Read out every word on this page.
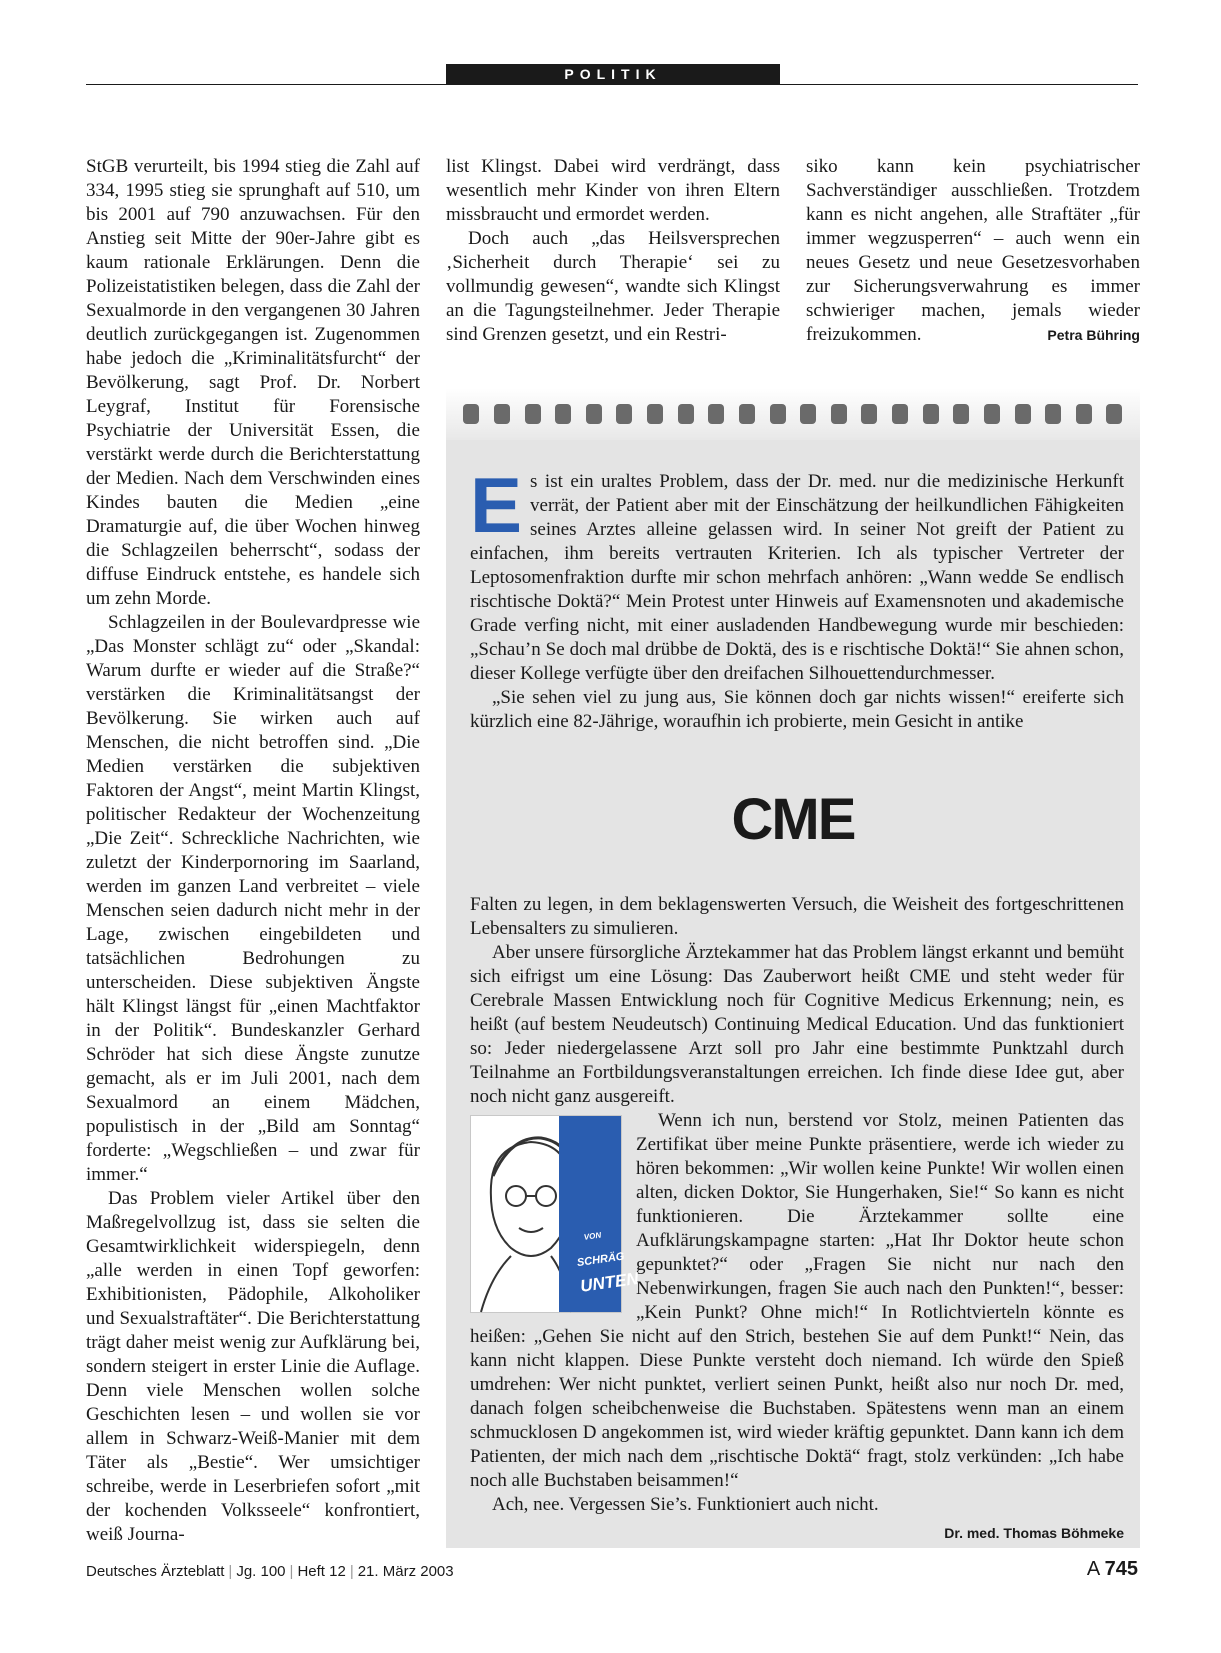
POLITIK

StGB verurteilt, bis 1994 stieg die Zahl auf 334, 1995 stieg sie sprunghaft auf 510, um bis 2001 auf 790 anzuwachsen. Für den Anstieg seit Mitte der 90er-Jahre gibt es kaum rationale Erklärungen. Denn die Polizeistatistiken belegen, dass die Zahl der Sexualmorde in den vergangenen 30 Jahren deutlich zurückgegangen ist. Zugenommen habe jedoch die „Kriminalitätsfurcht“ der Bevölkerung, sagt Prof. Dr. Norbert Leygraf, Institut für Forensische Psychiatrie der Universität Essen, die verstärkt werde durch die Berichterstattung der Medien. Nach dem Verschwinden eines Kindes bauten die Medien „eine Dramaturgie auf, die über Wochen hinweg die Schlagzeilen beherrscht“, sodass der diffuse Eindruck entstehe, es handele sich um zehn Morde.

Schlagzeilen in der Boulevardpresse wie „Das Monster schlägt zu“ oder „Skandal: Warum durfte er wieder auf die Straße?“ verstärken die Kriminalitätsangst der Bevölkerung. Sie wirken auch auf Menschen, die nicht betroffen sind. „Die Medien verstärken die subjektiven Faktoren der Angst“, meint Martin Klingst, politischer Redakteur der Wochenzeitung „Die Zeit“. Schreckliche Nachrichten, wie zuletzt der Kinderpornoring im Saarland, werden im ganzen Land verbreitet – viele Menschen seien dadurch nicht mehr in der Lage, zwischen eingebildeten und tatsächlichen Bedrohungen zu unterscheiden. Diese subjektiven Ängste hält Klingst längst für „einen Machtfaktor in der Politik“. Bundeskanzler Gerhard Schröder hat sich diese Ängste zunutze gemacht, als er im Juli 2001, nach dem Sexualmord an einem Mädchen, populistisch in der „Bild am Sonntag“ forderte: „Wegschließen – und zwar für immer.“

Das Problem vieler Artikel über den Maßregelvollzug ist, dass sie selten die Gesamtwirklichkeit widerspiegeln, denn „alle werden in einen Topf geworfen: Exhibitionisten, Pädophile, Alkoholiker und Sexualstraftäter“. Die Berichterstattung trägt daher meist wenig zur Aufklärung bei, sondern steigert in erster Linie die Auflage. Denn viele Menschen wollen solche Geschichten lesen – und wollen sie vor allem in Schwarz-Weiß-Manier mit dem Täter als „Bestie“. Wer umsichtiger schreibe, werde in Leserbriefen sofort „mit der kochenden Volksseele“ konfrontiert, weiß Journa-

list Klingst. Dabei wird verdrängt, dass wesentlich mehr Kinder von ihren Eltern missbraucht und ermordet werden.

Doch auch „das Heilsversprechen ‚Sicherheit durch Therapie‘ sei zu vollmundig gewesen“, wandte sich Klingst an die Tagungsteilnehmer. Jeder Therapie sind Grenzen gesetzt, und ein Restri-

siko kann kein psychiatrischer Sachverständiger ausschließen. Trotzdem kann es nicht angehen, alle Straftäter „für immer wegzusperren“ – auch wenn ein neues Gesetz und neue Gesetzesvorhaben zur Sicherungsverwahrung es immer schwieriger machen, jemals wieder freizukommen.	Petra Bühring

Es ist ein uraltes Problem, dass der Dr. med. nur die medizinische Herkunft verrät, der Patient aber mit der Einschätzung der heilkundlichen Fähigkeiten seines Arztes alleine gelassen wird. In seiner Not greift der Patient zu einfachen, ihm bereits vertrauten Kriterien. Ich als typischer Vertreter der Leptosomenfraktion durfte mir schon mehrfach anhören: „Wann wedde Se endlisch rischtische Doktä?“ Mein Protest unter Hinweis auf Examensnoten und akademische Grade verfing nicht, mit einer ausladenden Handbewegung wurde mir beschieden: „Schau’n Se doch mal drübbe de Doktä, des is e rischtische Doktä!“ Sie ahnen schon, dieser Kollege verfügte über den dreifachen Silhouettendurchmesser.

„Sie sehen viel zu jung aus, Sie können doch gar nichts wissen!“ ereiferte sich kürzlich eine 82-Jährige, woraufhin ich probierte, mein Gesicht in antike

CME

Falten zu legen, in dem beklagenswerten Versuch, die Weisheit des fortgeschrittenen Lebensalters zu simulieren.

Aber unsere fürsorgliche Ärztekammer hat das Problem längst erkannt und bemüht sich eifrigst um eine Lösung: Das Zauberwort heißt CME und steht weder für Cerebrale Massen Entwicklung noch für Cognitive Medicus Erkennung; nein, es heißt (auf bestem Neudeutsch) Continuing Medical Education. Und das funktioniert so: Jeder niedergelassene Arzt soll pro Jahr eine bestimmte Punktzahl durch Teilnahme an Fortbildungsveranstaltungen erreichen. Ich finde diese Idee gut, aber noch nicht ganz ausgereift.

VON
SCHRÄG
UNTEN
Wenn ich nun, berstend vor Stolz, meinen Patienten das Zertifikat über meine Punkte präsentiere, werde ich wieder zu hören bekommen: „Wir wollen keine Punkte! Wir wollen einen alten, dicken Doktor, Sie Hungerhaken, Sie!“ So kann es nicht funktionieren. Die Ärztekammer sollte eine Aufklärungskampagne starten: „Hat Ihr Doktor heute schon gepunktet?“ oder „Fragen Sie nicht nur nach den Nebenwirkungen, fragen Sie auch nach den Punkten!“, besser: „Kein Punkt? Ohne mich!“ In Rotlichtvierteln könnte es heißen: „Gehen Sie nicht auf den Strich, bestehen Sie auf dem Punkt!“ Nein, das kann nicht klappen. Diese Punkte versteht doch niemand. Ich würde den Spieß umdrehen: Wer nicht punktet, verliert seinen Punkt, heißt also nur noch Dr. med, danach folgen scheibchenweise die Buchstaben. Spätestens wenn man an einem schmucklosen D angekommen ist, wird wieder kräftig gepunktet. Dann kann ich dem Patienten, der mich nach dem „rischtische Doktä“ fragt, stolz verkünden: „Ich habe noch alle Buchstaben beisammen!“

Ach, nee. Vergessen Sie’s. Funktioniert auch nicht.

Dr. med. Thomas Böhmeke
Deutsches Ärzteblatt | Jg. 100 | Heft 12 | 21. März 2003	A 745
